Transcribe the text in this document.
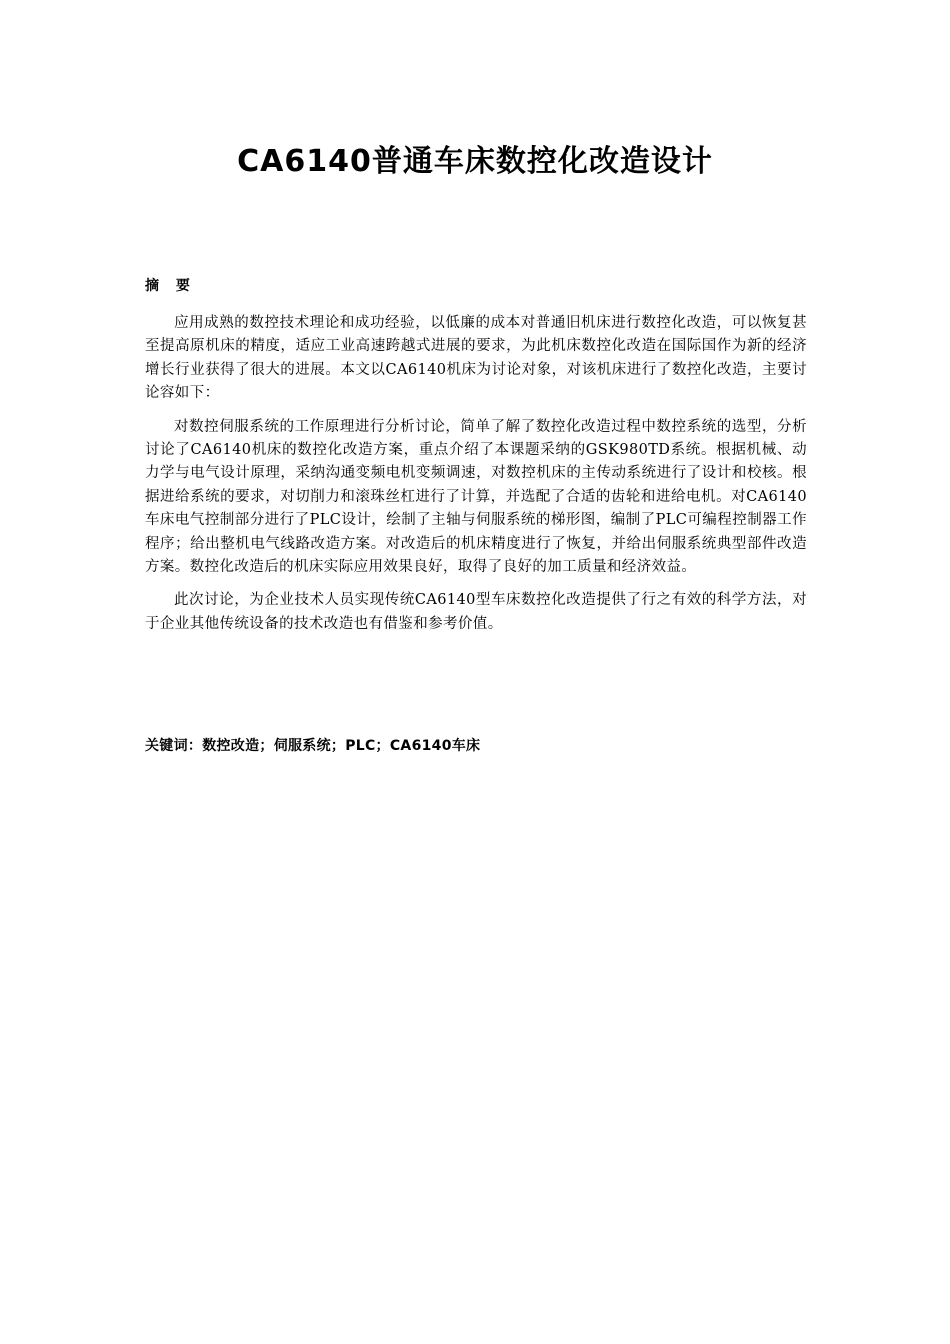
CA6140普通车床数控化改造设计
摘 要

应用成熟的数控技术理论和成功经验，以低廉的成本对普通旧机床进行数控化改造，可以恢复甚至提高原机床的精度，适应工业高速跨越式进展的要求，为此机床数控化改造在国际国作为新的经济增长行业获得了很大的进展。本文以CA6140机床为讨论对象，对该机床进行了数控化改造，主要讨论容如下：

对数控伺服系统的工作原理进行分析讨论，简单了解了数控化改造过程中数控系统的选型，分析讨论了CA6140机床的数控化改造方案，重点介绍了本课题采纳的GSK980TD系统。根据机械、动力学与电气设计原理，采纳沟通变频电机变频调速，对数控机床的主传动系统进行了设计和校核。根据进给系统的要求，对切削力和滚珠丝杠进行了计算，并选配了合适的齿轮和进给电机。对CA6140车床电气控制部分进行了PLC设计，绘制了主轴与伺服系统的梯形图，编制了PLC可编程控制器工作程序；给出整机电气线路改造方案。对改造后的机床精度进行了恢复，并给出伺服系统典型部件改造方案。数控化改造后的机床实际应用效果良好，取得了良好的加工质量和经济效益。

此次讨论，为企业技术人员实现传统CA6140型车床数控化改造提供了行之有效的科学方法，对于企业其他传统设备的技术改造也有借鉴和参考价值。

关键词：数控改造；伺服系统；PLC；CA6140车床
